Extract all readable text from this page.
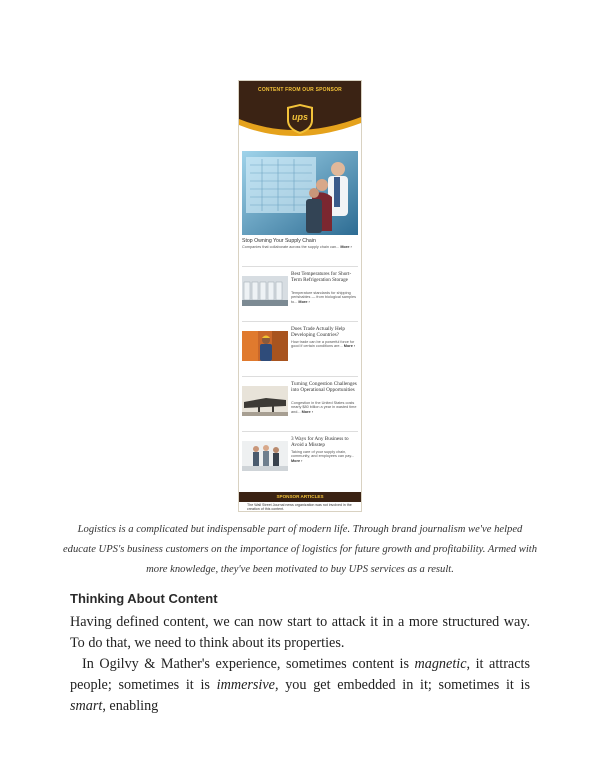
CONTENT FROM OUR SPONSOR
ups
Stop Owning Your Supply Chain
Companies that collaborate across the supply chain can... More ›
Best Temperatures for Short-Term Refrigeration Storage
Temperature standards for shipping perishables — from biological samples to... More ›
Does Trade Actually Help Developing Countries?
How trade can be a powerful force for good if certain conditions are... More ›
Turning Congestion Challenges into Operational Opportunities
Congestion in the United States costs nearly $80 billion a year in wasted time and... More ›
3 Ways for Any Business to Avoid a Misstep
Taking care of your supply chain, community, and employees can pay... More ›
SPONSOR ARTICLES
The Wall Street Journal news organization was not involved in the creation of this content.
Logistics is a complicated but indispensable part of modern life. Through brand journalism we've helped educate UPS's business customers on the importance of logistics for future growth and profitability. Armed with more knowledge, they've been motivated to buy UPS services as a result.
Thinking About Content
Having defined content, we can now start to attack it in a more structured way. To do that, we need to think about its properties.
In Ogilvy & Mather's experience, sometimes content is magnetic, it attracts people; sometimes it is immersive, you get embedded in it; sometimes it is smart, enabling
